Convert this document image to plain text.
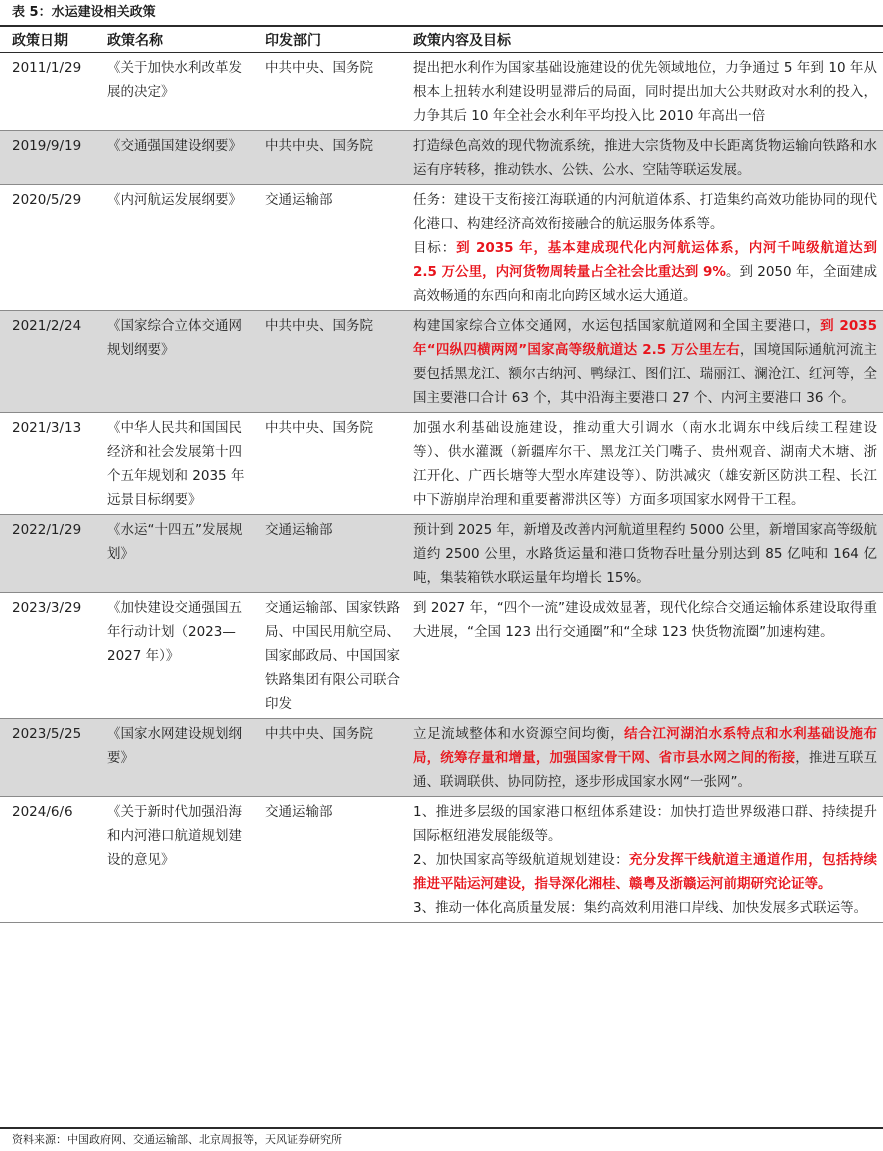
表 5：水运建设相关政策
政策日期	政策名称	印发部门	政策内容及目标
2011/1/29	《关于加快水利改革发展的决定》	中共中央、国务院	提出把水利作为国家基础设施建设的优先领域地位，力争通过 5 年到 10 年从根本上扭转水利建设明显滞后的局面，同时提出加大公共财政对水利的投入，力争其后 10 年全社会水利年平均投入比 2010 年高出一倍

2019/9/19	《交通强国建设纲要》	中共中央、国务院	打造绿色高效的现代物流系统，推进大宗货物及中长距离货物运输向铁路和水运有序转移，推动铁水、公铁、公水、空陆等联运发展。

2020/5/29	《内河航运发展纲要》	交通运输部	任务：建设干支衔接江海联通的内河航道体系、打造集约高效功能协同的现代化港口、构建经济高效衔接融合的航运服务体系等。
目标：到 2035 年，基本建成现代化内河航运体系，内河千吨级航道达到 2.5 万公里，内河货物周转量占全社会比重达到 9%。到 2050 年，全面建成高效畅通的东西向和南北向跨区域水运大通道。

2021/2/24	《国家综合立体交通网规划纲要》	中共中央、国务院	构建国家综合立体交通网，水运包括国家航道网和全国主要港口，到 2035 年“四纵四横两网”国家高等级航道达 2.5 万公里左右，国境国际通航河流主要包括黑龙江、额尔古纳河、鸭绿江、图们江、瑞丽江、澜沧江、红河等，全国主要港口合计 63 个，其中沿海主要港口 27 个、内河主要港口 36 个。

2021/3/13	《中华人民共和国国民经济和社会发展第十四个五年规划和 2035 年远景目标纲要》	中共中央、国务院	加强水利基础设施建设，推动重大引调水（南水北调东中线后续工程建设等）、供水灌溉（新疆库尔干、黑龙江关门嘴子、贵州观音、湖南犬木塘、浙江开化、广西长塘等大型水库建设等）、防洪减灾（雄安新区防洪工程、长江中下游崩岸治理和重要蓄滞洪区等）方面多项国家水网骨干工程。

2022/1/29	《水运“十四五”发展规划》	交通运输部	预计到 2025 年，新增及改善内河航道里程约 5000 公里，新增国家高等级航道约 2500 公里，水路货运量和港口货物吞吐量分别达到 85 亿吨和 164 亿吨，集装箱铁水联运量年均增长 15%。

2023/3/29	《加快建设交通强国五年行动计划（2023—2027 年）》	交通运输部、国家铁路局、中国民用航空局、国家邮政局、中国国家铁路集团有限公司联合印发	到 2027 年，“四个一流”建设成效显著，现代化综合交通运输体系建设取得重大进展，“全国 123 出行交通圈”和“全球 123 快货物流圈”加速构建。

2023/5/25	《国家水网建设规划纲要》	中共中央、国务院	立足流域整体和水资源空间均衡，结合江河湖泊水系特点和水利基础设施布局，统筹存量和增量，加强国家骨干网、省市县水网之间的衔接，推进互联互通、联调联供、协同防控，逐步形成国家水网“一张网”。

2024/6/6	《关于新时代加强沿海和内河港口航道规划建设的意见》	交通运输部	1、推进多层级的国家港口枢纽体系建设：加快打造世界级港口群、持续提升国际枢纽港发展能级等。
2、加快国家高等级航道规划建设：充分发挥干线航道主通道作用，包括持续推进平陆运河建设，指导深化湘桂、赣粤及浙赣运河前期研究论证等。
3、推动一体化高质量发展：集约高效利用港口岸线、加快发展多式联运等。
资料来源：中国政府网、交通运输部、北京周报等，天风证券研究所
